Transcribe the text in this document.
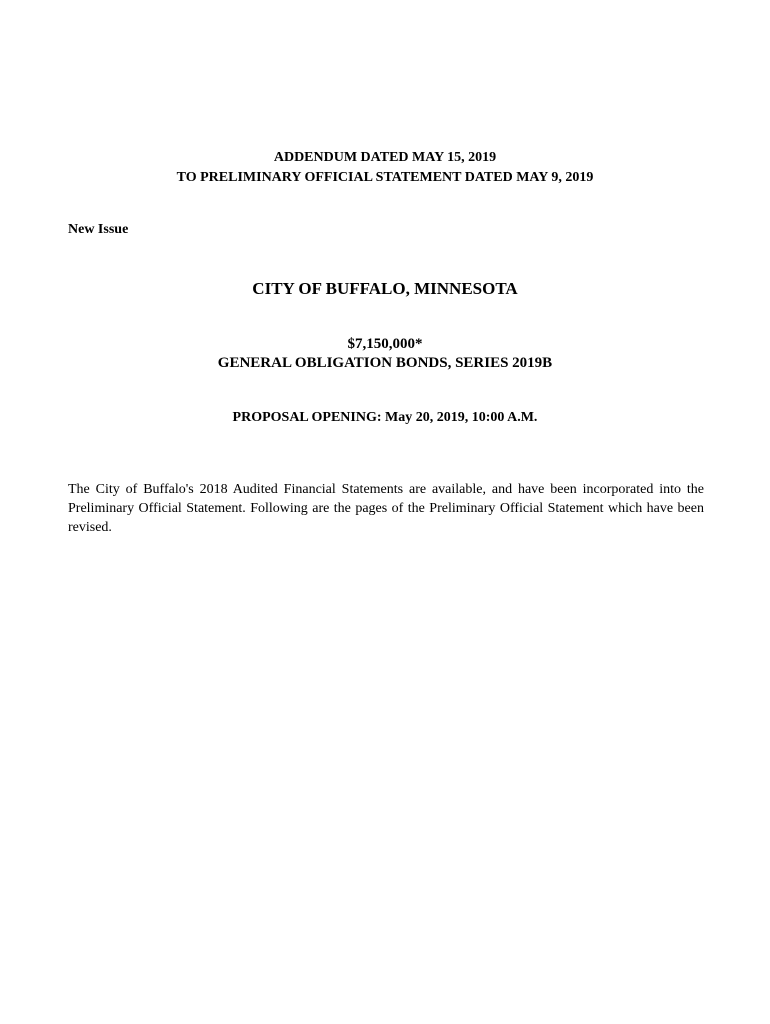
ADDENDUM DATED MAY 15, 2019
TO PRELIMINARY OFFICIAL STATEMENT DATED MAY 9, 2019
New Issue
CITY OF BUFFALO, MINNESOTA
$7,150,000*
GENERAL OBLIGATION BONDS, SERIES 2019B
PROPOSAL OPENING: May 20, 2019, 10:00 A.M.
The City of Buffalo's 2018 Audited Financial Statements are available, and have been incorporated into the Preliminary Official Statement. Following are the pages of the Preliminary Official Statement which have been revised.
